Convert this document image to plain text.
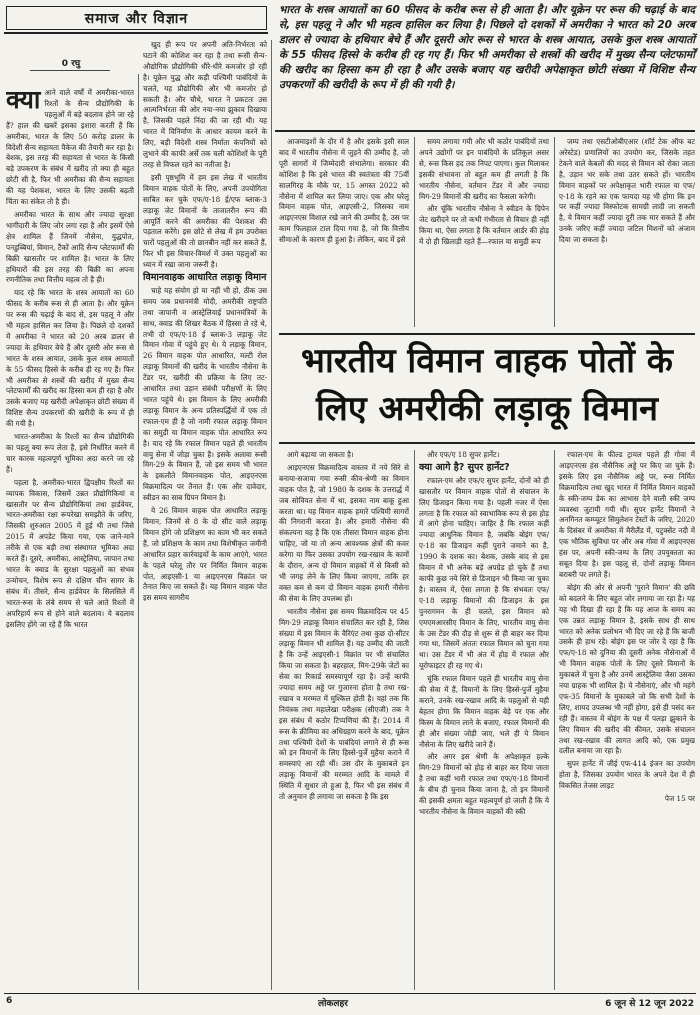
समाज और विज्ञान
0 रघु
भारत के शस्त्र आयातों का 60 फीसद के करीब रूस से ही आता है। और यूक्रेन पर रूस की चढ़ाई के बाद से, इस पहलू ने और भी महत्व हासिल कर लिया है। पिछले दो दशकों में अमरीका ने भारत को 20 अरब डालर से ज्यादा के हथियार बेचे हैं और दूसरी ओर रूस से भारत के शस्त्र आयात, उसके कुल शस्त्र आयातों के 55 फीसद हिस्से के करीब ही रह गए हैं। फिर भी अमरीका से शस्त्रों की खरीद में मुख्य सैन्य प्लेटफार्मों की खरीद का हिस्सा कम ही रहा है और उसके बजाए यह खरीदी अपेक्षाकृत छोटी संख्या में विशिष्ट सैन्य उपकरणों की खरीदी के रूप में ही की गयी है।
क्या आने वाले वर्षों में अमरीका-भारत रिश्तों के सैन्य प्रौद्योगिकी के पहलुओं में बड़े बदलाव होने जा रहे हैं? हाल की खबरें इसका इशारा करती हैं कि अमरीका, भारत के लिए 50 करोड़ डालर के विदेशी सैन्य सहायता पैकेज की तैयारी कर रहा है। बेशक, इस तरह की सहायता से भारत के किसी बड़े उपकरण के संबंध में खरीद तो क्या ही बहुत छोटी सी है, फिर भी अमरीका की सैन्य सहायता की यह पेशकश, भारत के लिए उसकी बढ़ती चिंता का संकेत तो है ही।

अमरीका भारत के साथ और ज्यादा सुरक्षा भागीदारी के लिए जोर लगा रहा है और इसमें ऐसे क्षेत्र शामिल हैं जिनमें नौसेना, युद्धपोत, पनडुब्बियां, विमान, टैंकों आदि सैन्य प्लेटफार्मों की बिक्री खासतौर पर शामिल है। भारत के लिए हथियारों की इस तरह की बिक्री का अपना रणनीतिक तथा वित्तीय महत्व तो है ही।

याद रहे कि भारत के शस्त्र आयातों का 60 फीसद के करीब रूस से ही आता है। और यूक्रेन पर रूस की चढ़ाई के बाद से, इस पहलू ने और भी महत्व हासिल कर लिया है। पिछले दो दशकों में अमरीका ने भारत को 20 अरब डालर से ज्यादा के हथियार बेचे हैं और दूसरी ओर रूस से भारत के शस्त्र आयात, उसके कुल शस्त्र आयातों के 55 फीसद हिस्से के करीब ही रह गए हैं। फिर भी अमरीका से शस्त्रों की खरीद में मुख्य सैन्य प्लेटफार्मों की खरीद का हिस्सा कम ही रहा है और उसके बजाए यह खरीदी अपेक्षाकृत छोटी संख्या में विशिष्ट सैन्य उपकरणों की खरीदी के रूप में ही की गयी है।

भारत-अमरीका के रिश्तों का सैन्य प्रौद्योगिकी का पहलू क्या रूप लेता है, इसे निर्धारित करने में चार कारक महत्वपूर्ण भूमिका अदा करने जा रहे हैं।

पहला है, अमरीका-भारत द्विपक्षीय रिश्तों का व्यापक विकास, जिसमें उन्नत प्रौद्योगिकियां व खासतौर पर सैन्य प्रौद्योगिकियां तथा हार्डवेयर, भारत-अमरीका रक्षा रूपरेखा समझौते के जरिए, जिसकी शुरुआत 2005 में हुई थी तथा जिसे 2015 में अपडेट किया गया, एक जाने-माने तरीके से एक बड़ी तथा संस्थागत भूमिका अदा करते हैं। दूसरे, अमरीका, आस्ट्रेलिया, जापान तथा भारत के क्वाड के सुरक्षा पहलुओं का संभव उन्मोचन, विशेष रूप से दक्षिण चीन सागर के संबंध में। तीसरे, सैन्य हार्डवेयर के सिलसिले में भारत-रूस के लंबे समय से चले आते रिश्तों में अपरिहार्य रूप से होने वाले बदलाव। ये बदलाव इसलिए होंगे जा रहे हैं कि भारत

खुद ही रूप पर अपनी अति-निर्भरता को घटाने की कोशिश कर रहा है तथा रूसी सैन्य-औद्योगिक प्रौद्योगिकी धीरे-धीरे कमजोर हो रही है। यूक्रेन युद्ध और कड़ी पश्चिमी पाबंदियों के चलते, यह प्रौद्योगिकी और भी कमजोर हो सकती है। और चौथे, भारत ने प्रकटतः उस आत्मनिर्भरता की ओर नया-नया झुकाव दिखाया है, जिसकी पहले निंदा की जा रही थी। यह भारत में विनिर्माण के आधार कायम करने के लिए, बड़ी विदेशी शस्त्र निर्माता कंपनियों को लुभाने की काफी अर्से तक चली कोशिशों के पूरी तरह से विफल रहने का नतीजा है।

इसी पृष्ठभूमि में हम इस लेख में भारतीय विमान वाहक पोतों के लिए, अपनी उपयोगिता साबित कर चुके एफ/ए-18 ई/एफ ब्लाक-3 लड़ाकू जेट विमानों के ताजातरीन रूप की आपूर्ति करने की अमरीका की पेशकश की पड़ताल करेंगे। इस छोटे से लेख में हम उपरोक्त चारों पहलुओं की तो छानबीन नहीं कर सकते हैं, फिर भी इस विचार-विमर्श में उक्त पहलुओं का ध्यान में रखा जाना जरूरी है।

विमानवाहक आधारित लड़ाकू विमान

चाहे यह संयोग हो या नहीं भी हो, ठीक उस समय जब प्रधानमंत्री मोदी, अमरीकी राष्ट्रपति तथा जापानी व आस्ट्रेलियाई प्रधानमंत्रियों के साथ, क्वाड की शिखर बैठक में हिस्सा ले रहे थे, तभी दो एफ/ए-18 ई ब्लाक-3 लड़ाकू जेट विमान गोवा में पहुंचे हुए थे। ये लड़ाकू विमान, 26 विमान वाहक पोत आधारित, मल्टी रोल लड़ाकू विमानों की खरीद के भारतीय नौसेना के टेंडर पर, खरीदी की प्रक्रिया के लिए तट-आधारित तथा उड़ान संबंधी परीक्षणों के लिए भारत पहुंचे थे। इस विमान के लिए अमरीकी लड़ाकू विमान के अन्य प्रतिस्पर्द्धियों में एक तो रफाल-एम ही है जो नामी रफाल लड़ाकू विमान का समुद्री या विमान वाहक पोत आधारित रूप है। याद रहे कि रफाल विमान पहले ही भारतीय वायु सेना में जोड़ा चुका है। इसके अलावा रूसी मिग-29 के विमान हैं, जो इस समय भी भारत के इकलौते विमानवाहक पोत, आइएनएस विक्रमादित्य पर तैनात हैं। एक और दावेदार, स्वीडन का साब ग्रिपन विमान है।

ये 26 विमान वाहक पोत आधारित लड़ाकू विमान, जिनमें से 8 के दो सीट वाले लड़ाकू विमान होंगे जो प्रशिक्षण का काम भी कर सकते हैं, जो प्रशिक्षण के काम तथा विशेषीकृत जमीनी आधारित प्रहार कार्रवाइयों के काम आएंगे, भारत के पहले घरेलू तौर पर निर्मित विमान वाहक पोत, आइएसी-1 या आइएनएस विक्रांत पर तैनात किए जा सकते हैं। यह विमान वाहक पोत इस समय सागरीय

आजमाइशों के दौर में है और इसके इसी साल बाद में भारतीय नौसेना में जुड़ने की उम्मीद है, जो पूरी सागरों में जिम्मेदारी संभालेगा। सरकार की कोशिश है कि इसे भारत की स्वतंत्रता की 75वीं सालगिरह के मौके पर, 15 अगस्त 2022 को नौसेना में शामिल कर लिया जाए। एक और घरेलू विमान वाहक पोत, आइएसी-2, जिसका नाम आइएनएस विशाल रखे जाने की उम्मीद है, उस पर काम फिलहाल टाल दिया गया है, जो कि वित्तीय सीमाओं के कारण ही हुआ है। लेकिन, बाद में इसे

समय लगाया गयी और भी कठोर पाबंदियों तथा अपने उद्योगों पर इन पाबंदियों के प्रतिकूल असर से, रूस किस हद तक निपट पाएगा। कुल मिलाकर इसकी संभावना तो बहुत कम ही लगती है कि भारतीय नौसेना, वर्तमान टेंडर में और ज्यादा मिग-29 विमानों की खरीद का फैसला करेगी।

और चूंकि भारतीय नौसेना ने स्वीडन के ग्रिपेन जेट खरीदने पर तो कभी गंभीरता से विचार ही नहीं किया था, ऐसा लगता है कि वर्तमान आर्डर की होड़ में दो ही खिलाड़ी रहते हैं—रफाल या समुद्री रूप

जम्प तथा एसटीओबीएआर (शॉर्ट टेक ऑफ बट अरेस्टेड) प्रणालियों का उपयोग कर, जिसके तहत टेकने वाले केबलों की मदद से विमान को रोका जाता है, उड़ान भर सके तथा उतर सकते हों। भारतीय विमान वाहकों पर अपेक्षाकृत भारी रफाल या एफ/ए-18 के रहने का एक फायदा यह भी होगा कि इन पर कहीं ज्यादा विस्फोटक सामग्री लादी जा सकती है, ये विमान कहीं ज्यादा दूरी तक मार सकते हैं और उनके जरिए कहीं ज्यादा जटिल मिशनों को अंजाम दिया जा सकता है।

भारतीय विमान वाहक पोतों के
लिए अमरीकी लड़ाकू विमान

आगे बढ़ाया जा सकता है।

आइएनएस विक्रमादित्य वास्तव में नये सिरे से बनाया-सजाया गया रूसी कीव-श्रेणी का विमान वाहक पोत है, जो 1980 के दशक के उत्तरार्द्ध में जब सोवियत सेना में था, इसका नाम बाकू हुआ करता था। यह विमान वाहक हमारे पश्चिमी सागरों की निगरानी करता है। और हमारी नौसेना की संकल्पना यह है कि एक तीसरा विमान वाहक होना चाहिए, जो या तो अन्य आवश्यक क्षेत्रों की कवर करेगा या फिर उसका उपयोग रख-रखाव के कामों के दौरान, अन्य दो विमान वाहकों में से किसी को भी जगह लेने के लिए किया जाएगा, ताकि हर वक्त कम से कम दो विमान वाहक हमारी नौसेना की सेवा के लिए उपलब्ध हों।

भारतीय नौसेना इस समय विक्रमादित्य पर 45 मिग-29 लड़ाकू विमान संचालित कर रही है, जिस संख्या में इस विमान के वैरिएंट तथा कुछ दो-सीटर लड़ाकू विमान भी शामिल हैं। यह उम्मीद की जाती है कि उन्हें आइएसी-1 विक्रांत पर भी संचालित किया जा सकता है। बहरहाल, मिग-29के जेटों का सेवा का रिकार्ड समस्यापूर्ण रहा है। उन्हें काफी ज्यादा समय अड्डे पर गुजारना होता है तथा रख-रखाव व मरम्मत में मुश्किल होती है। यहां तक कि नियंत्रक तथा महालेखा परीक्षक (सीएजी) तक ने इस संबंध में कठोर टिप्पणियां की हैं। 2014 में रूस के क्रीमिया का अधिग्रहण करने के बाद, यूक्रेन तथा पश्चिमी देशों के पाबंदियां लगाने से ही रूस को इन विमानों के लिए हिस्से-पुर्जे मुहैया कराने में समस्याएं आ रही थीं। उस दौर के मुकाबले इन लड़ाकू विमानों की मरम्मत आदि के मामले में स्थिति में सुधार तो हुआ है, फिर भी इस संबंध में तो अनुमान ही लगाया जा सकता है कि इस

और एफ/ए 18 सुपर हार्नेट।

क्या आगे है? सुपर हार्नेट?

रफाल-एम और एफ/ए सुपर हार्नेट, दोनों को ही खासतौर पर विमान वाहक पोतों से संचालन के लिए डिजाइन किया गया है। पहली नजर में ऐसा लगता है कि रफाल को स्वाभाविक रूप से इस होड़ में आगे होना चाहिए। जाहिर है कि रफाल कहीं ज्यादा आधुनिक विमान है, जबकि बोइंग एफ/ए-18 का डिजाइन कहीं पुराने जमाने का है, 1990 के दशक का। बेशक, उसके बाद से इस विमान में भी अनेक बड़े अपग्रेड हो चुके हैं तथा काफी कुछ नये सिरे से डिजाइन भी किया जा चुका है। वास्तव में, ऐसा लगता है कि संभवतः एफ/ए-18 लड़ाकू विमानों की डिजाइन के इस पुनरागमन के ही चलते, इस विमान को एमएमआरसीए विमान के लिए, भारतीय वायु सेना के उस टेंडर की दौड़ से शुरू से ही बाहर कर दिया गया था, जिसमें अंततः रफाल विमान को चुना गया था। उस टेंडर में भी अंत में होड़ में रफाल और यूरोफाइटर ही रह गए थे।

चूंकि रफाल विमान पहले ही भारतीय वायु सेना की सेवा में हैं, विमानों के लिए हिस्से-पुर्जे मुहैया कराने, उनके रख-रखाव आदि के पहलुओं से यही बेहतर होगा कि विमान वाहक बेड़े पर एक और किस्म के विमान लाने के बजाए, रफाल विमानों की ही और संख्या जोड़ी जाए, भले ही ये विमान नौसेना के लिए खरीदे जाने हैं।

और अगर इस श्रेणी के अपेक्षाकृत हल्के मिग-29 विमानों को होड़ से बाहर कर दिया जाता है तथा कहीं भारी रफाल तथा एफ/ए-18 विमानों के बीच ही चुनाव किया जाना है, तो इन विमानों की इसकी क्षमता बहुत महत्वपूर्ण हो जाती है कि ये भारतीय नौसेना के विमान वाहकों की स्की

रफाल-एम के फील्ड ट्रायल पहले ही गोवा में आइएनएस हंस नौसैनिक अड्डे पर किए जा चुके हैं। इसके लिए इस नौसैनिक अड्डे पर, रूस निर्मित विक्रमादित्य तथा खुद भारत में निर्मित विमान वाहकों के स्की-जम्प डेक का आभास देने वाली स्की जम्प व्यवस्था जुटायी गयी थी। सुपर हार्नेट विमानों ने अनगिनत कम्प्यूटर सिमुलेशन टेस्टों के जरिए, 2020 के दिसंबर में अमरीका में मैरीलैंड में, पटुक्सेंट नदी में एक भौतिक सुविधा पर और अब गोवा में आइएनएस हंस पर, अपनी स्की-जम्प के लिए उपयुक्तता का सबूत दिया है। इस पहलू से, दोनों लड़ाकू विमान बराबरी पर लगते हैं।

बोइंग की ओर से अपनी 'पुराने विमान' की छवि को बदलने के लिए बहुत जोर लगाया जा रहा है। यह यह भी दिखा ही रहा है कि यह आज के समय का एक उन्नत लड़ाकू विमान है, इसके साथ ही साथ भारत को अनेक प्रलोभन भी दिए जा रहे हैं कि बाजी उसके ही हाथ रहे। बोइंग इस पर जोर दे रहा है कि एफ/ए-18 को दुनिया की दूसरी अनेक नौसेनाओं में भी विमान वाहक पोतों के लिए दूसरे विमानों के मुकाबले में चुना है और उनमें आस्ट्रेलिया जैसा उसका नया ग्राहक भी शामिल है। ये नौसेनाएं, और भी महंगे एफ-35 विमानों के मुकाबले जो कि सभी देशों के लिए, शायद उपलब्ध भी नहीं होगा, इसे ही पसंद कर रही हैं। वास्तव में बोइंग के पक्ष में पलड़ा झुकाने के लिए विमान की खरीद की कीमत, उसके संचालन तथा रख-रखाव की लागत आदि को, एक प्रमुख दलील बनाया जा रहा है।

सुपर हार्नेट में जीई एफ-414 इंजन का उपयोग होता है, जिसका उपयोग भारत के अपने देश में ही विकसित तेजस लाइट

पेज 15 पर

6	लोकलहर	6 जून से 12 जून 2022
